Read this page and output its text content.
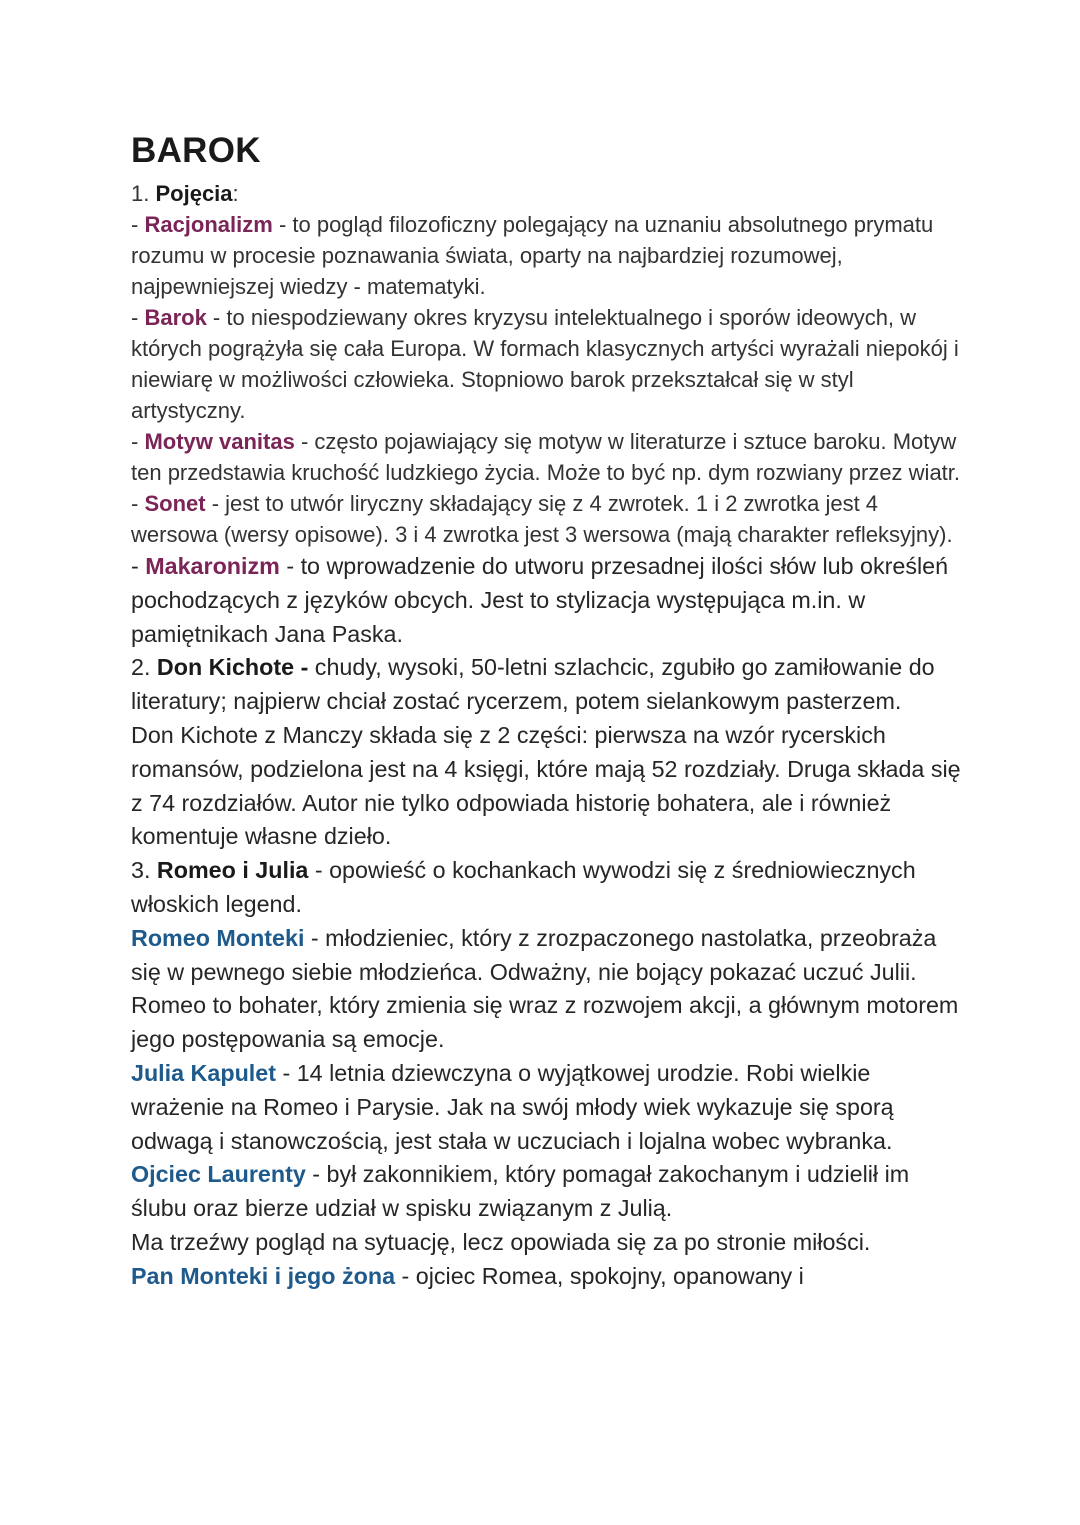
BAROK

1. Pojęcia:

- Racjonalizm - to pogląd filozoficzny polegający na uznaniu absolutnego prymatu rozumu w procesie poznawania świata, oparty na najbardziej rozumowej, najpewniejszej wiedzy - matematyki.

- Barok - to niespodziewany okres kryzysu intelektualnego i sporów ideowych, w których pogrążyła się cała Europa. W formach klasycznych artyści wyrażali niepokój i niewiarę w możliwości człowieka. Stopniowo barok przekształcał się w styl artystyczny.

- Motyw vanitas - często pojawiający się motyw w literaturze i sztuce baroku. Motyw ten przedstawia kruchość ludzkiego życia. Może to być np. dym rozwiany przez wiatr.

- Sonet - jest to utwór liryczny składający się z 4 zwrotek. 1 i 2 zwrotka jest 4 wersowa (wersy opisowe). 3 i 4 zwrotka jest 3 wersowa (mają charakter refleksyjny).

- Makaronizm - to wprowadzenie do utworu przesadnej ilości słów lub określeń pochodzących z języków obcych. Jest to stylizacja występująca m.in. w pamiętnikach Jana Paska.

2. Don Kichote - chudy, wysoki, 50-letni szlachcic, zgubiło go zamiłowanie do literatury; najpierw chciał zostać rycerzem, potem sielankowym pasterzem.

Don Kichote z Manczy składa się z 2 części: pierwsza na wzór rycerskich romansów, podzielona jest na 4 księgi, które mają 52 rozdziały. Druga składa się z 74 rozdziałów. Autor nie tylko odpowiada historię bohatera, ale i również komentuje własne dzieło.

3. Romeo i Julia - opowieść o kochankach wywodzi się z średniowiecznych włoskich legend.

Romeo Monteki - młodzieniec, który z zrozpaczonego nastolatka, przeobraża się w pewnego siebie młodzieńca. Odważny, nie bojący pokazać uczuć Julii. Romeo to bohater, który zmienia się wraz z rozwojem akcji, a głównym motorem jego postępowania są emocje.

Julia Kapulet - 14 letnia dziewczyna o wyjątkowej urodzie. Robi wielkie wrażenie na Romeo i Parysie. Jak na swój młody wiek wykazuje się sporą odwagą i stanowczością, jest stała w uczuciach i lojalna wobec wybranka.

Ojciec Laurenty - był zakonnikiem, który pomagał zakochanym i udzielił im ślubu oraz bierze udział w spisku związanym z Julią.

Ma trzeźwy pogląd na sytuację, lecz opowiada się za po stronie miłości.

Pan Monteki i jego żona - ojciec Romea, spokojny, opanowany i
